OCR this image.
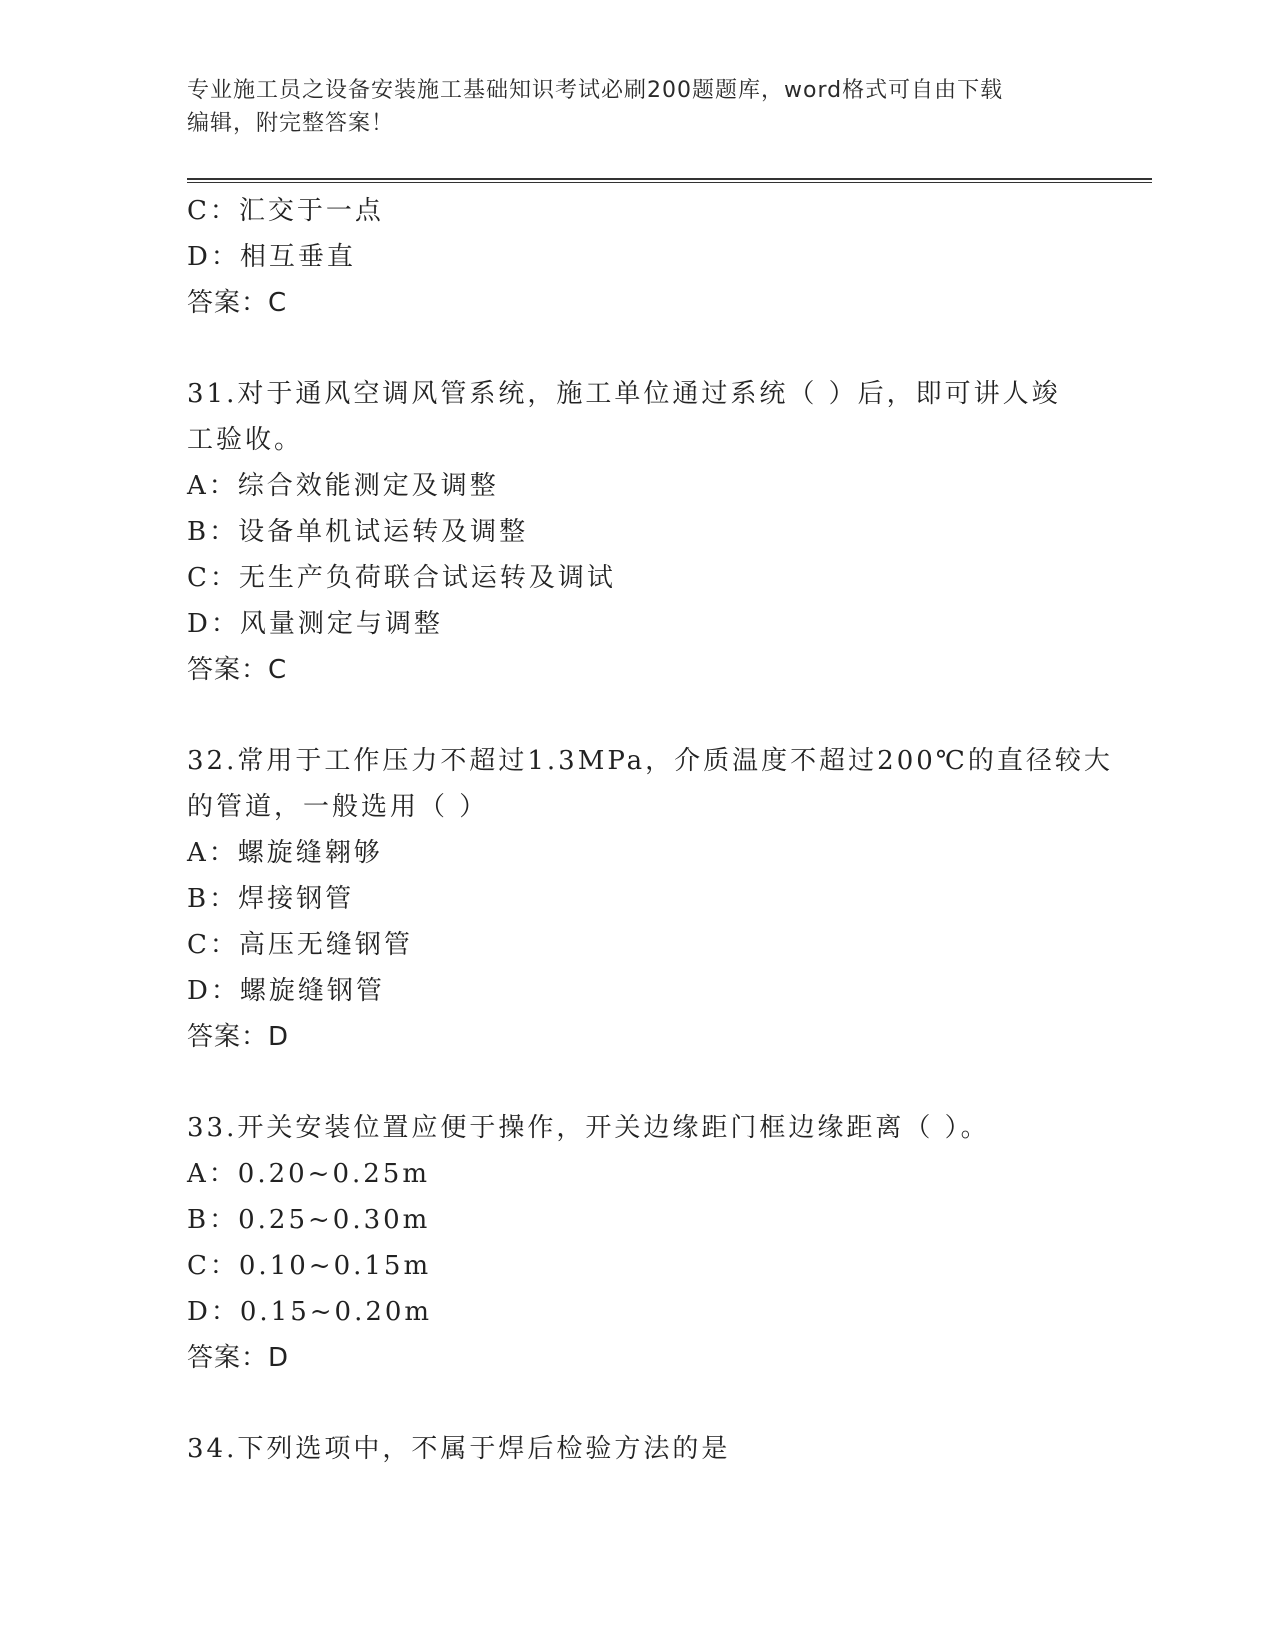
专业施工员之设备安装施工基础知识考试必刷200题题库，word格式可自由下载
编辑，附完整答案！
C：汇交于一点
D：相互垂直
答案：C
31.对于通风空调风管系统，施工单位通过系统（ ）后，即可讲人竣
工验收。
A：综合效能测定及调整
B：设备单机试运转及调整
C：无生产负荷联合试运转及调试
D：风量测定与调整
答案：C
32.常用于工作压力不超过1.3MPa，介质温度不超过200℃的直径较大
的管道，一般选用（ ）
A：螺旋缝翱够
B：焊接钢管
C：高压无缝钢管
D：螺旋缝钢管
答案：D
33.开关安装位置应便于操作，开关边缘距门框边缘距离（ ）。
A：0.20~0.25m
B：0.25~0.30m
C：0.10~0.15m
D：0.15~0.20m
答案：D
34.下列选项中，不属于焊后检验方法的是
